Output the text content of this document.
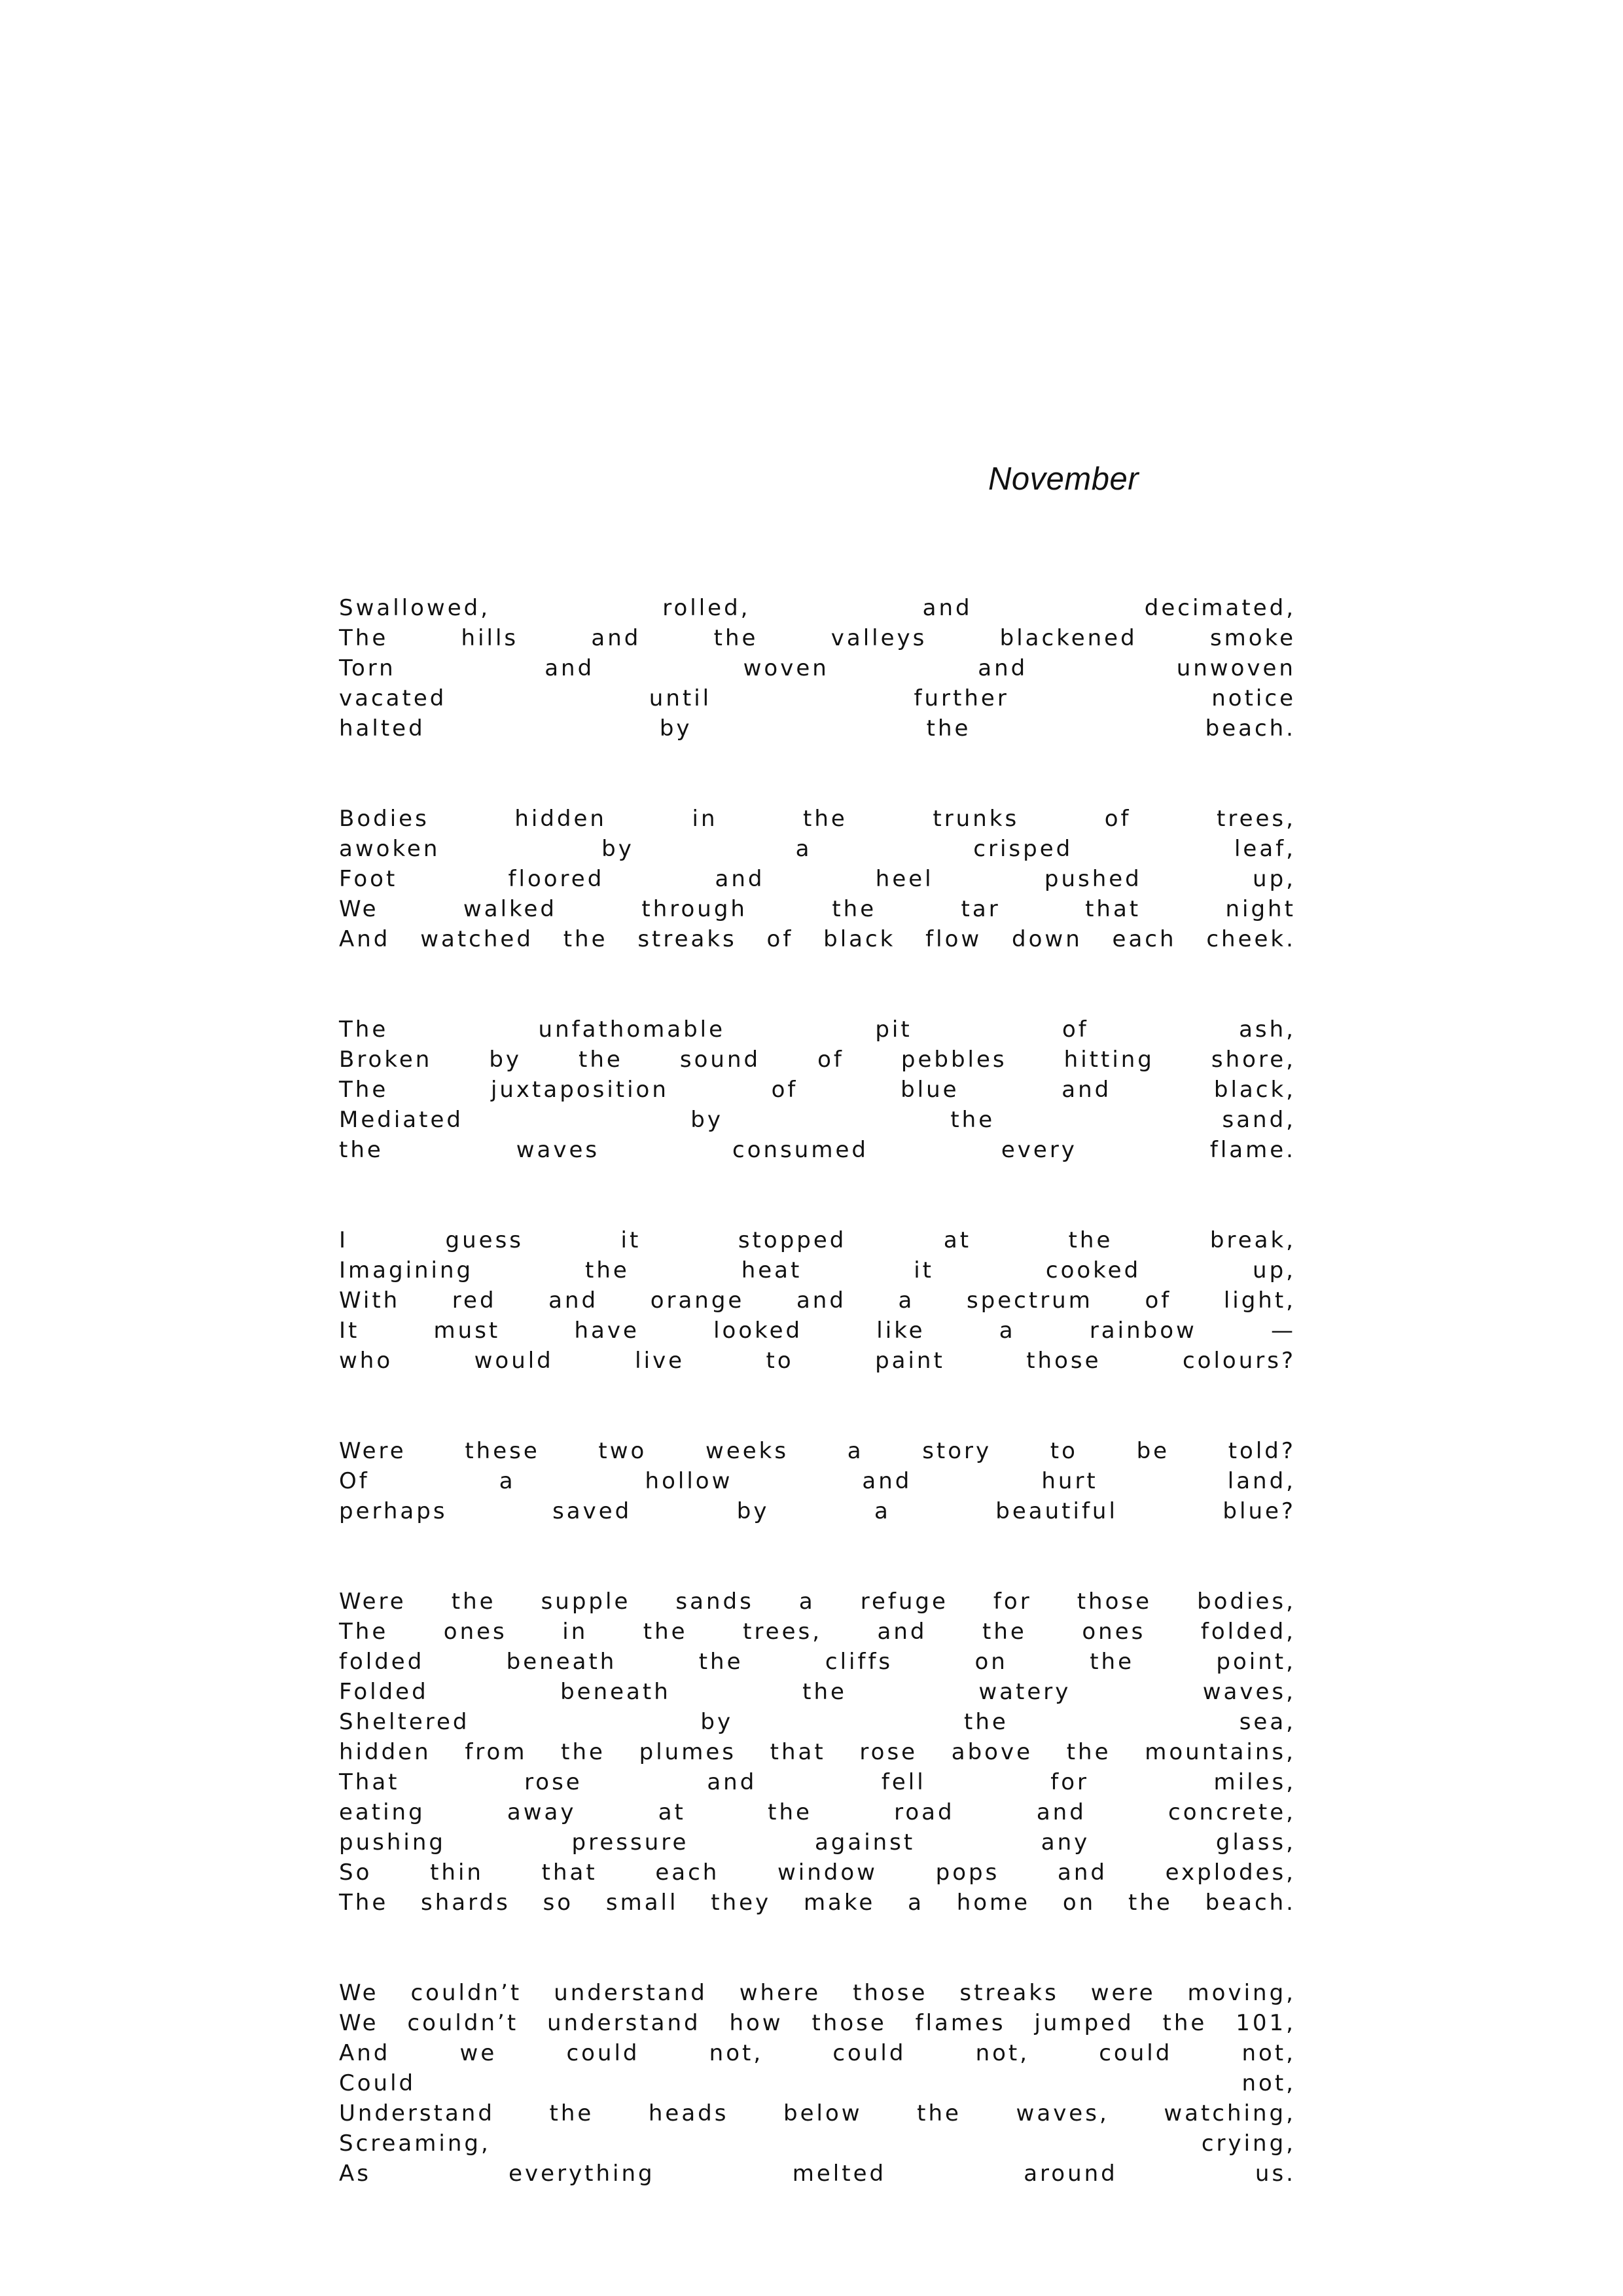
November
Swallowed,	rolled,	and	decimated,
The	hills	and	the	valleys	blackened	smoke
Torn	and	woven	and	unwoven
vacated	until	further	notice
halted	by	the	beach.
Bodies	hidden	in	the	trunks	of	trees,
awoken	by	a	crisped	leaf,
Foot	floored	and	heel	pushed	up,
We	walked	through	the	tar	that	night
And watched the streaks of black flow down each cheek.
The	unfathomable	pit	of	ash,
Broken	by	the	sound	of	pebbles	hitting	shore,
The	juxtaposition	of	blue	and	black,
Mediated	by	the	sand,
the	waves	consumed	every	flame.
I	guess	it	stopped	at	the	break,
Imagining	the	heat	it	cooked	up,
With red and orange and a spectrum of light,
It	must	have	looked	like	a	rainbow	—
who	would	live	to	paint	those	colours?
Were	these	two	weeks	a	story	to	be	told?
Of	a	hollow	and	hurt	land,
perhaps	saved	by	a	beautiful	blue?
Were the supple sands a refuge for those bodies,
The ones in the trees, and the ones folded,
folded	beneath	the	cliffs	on	the	point,
Folded	beneath	the	watery	waves,
Sheltered	by	the	sea,
hidden from the plumes that rose above the mountains,
That	rose	and	fell	for	miles,
eating	away	at	the	road	and	concrete,
pushing	pressure	against	any	glass,
So	thin	that	each	window	pops	and	explodes,
The shards so small they make a home on the beach.
We couldn’t understand where those streaks were moving,
We couldn’t understand how those flames jumped the 101,
And	we	could	not,	could	not,	could	not,
Could	not,
Understand the heads below the waves, watching,
Screaming,	crying,
As	everything	melted	around	us.
